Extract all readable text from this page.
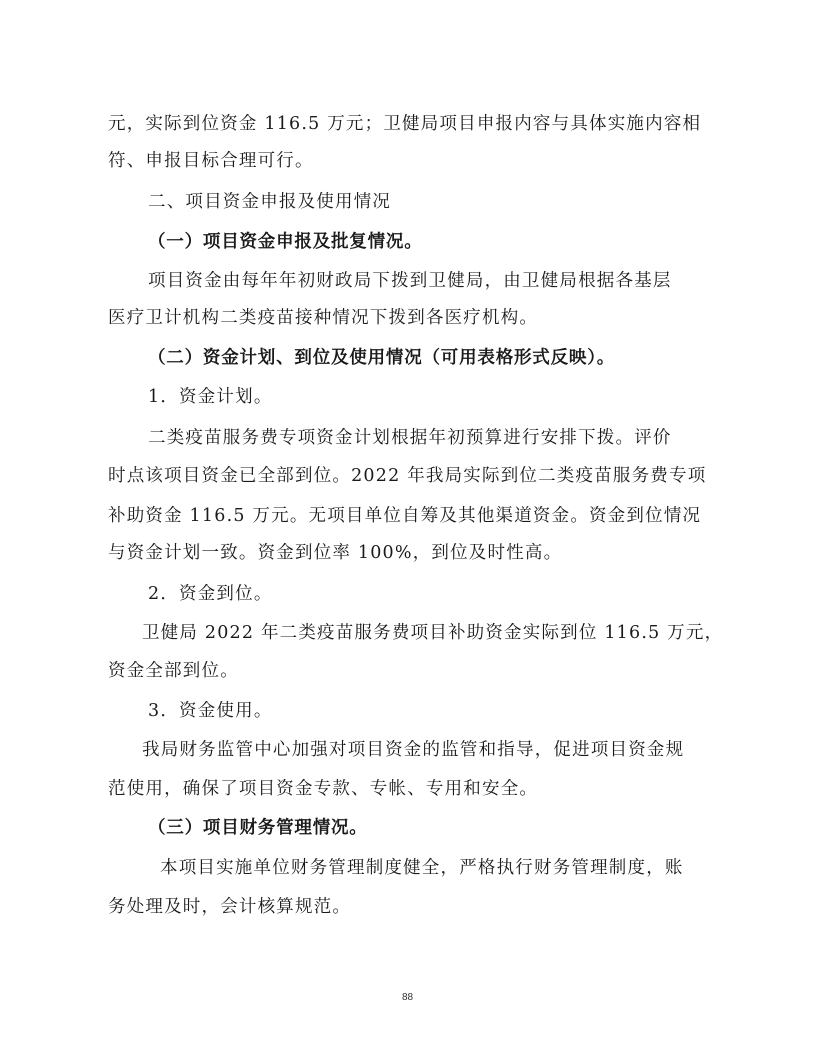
元，实际到位资金 116.5 万元；卫健局项目申报内容与具体实施内容相
符、申报目标合理可行。
二、项目资金申报及使用情况
（一）项目资金申报及批复情况。
项目资金由每年年初财政局下拨到卫健局，由卫健局根据各基层
医疗卫计机构二类疫苗接种情况下拨到各医疗机构。
（二）资金计划、到位及使用情况（可用表格形式反映）。
1．资金计划。
二类疫苗服务费专项资金计划根据年初预算进行安排下拨。评价
时点该项目资金已全部到位。2022 年我局实际到位二类疫苗服务费专项
补助资金 116.5 万元。无项目单位自筹及其他渠道资金。资金到位情况
与资金计划一致。资金到位率 100%，到位及时性高。
2．资金到位。
卫健局 2022 年二类疫苗服务费项目补助资金实际到位 116.5 万元，
资金全部到位。
3．资金使用。
我局财务监管中心加强对项目资金的监管和指导，促进项目资金规
范使用，确保了项目资金专款、专帐、专用和安全。
（三）项目财务管理情况。
本项目实施单位财务管理制度健全，严格执行财务管理制度，账
务处理及时，会计核算规范。
88
